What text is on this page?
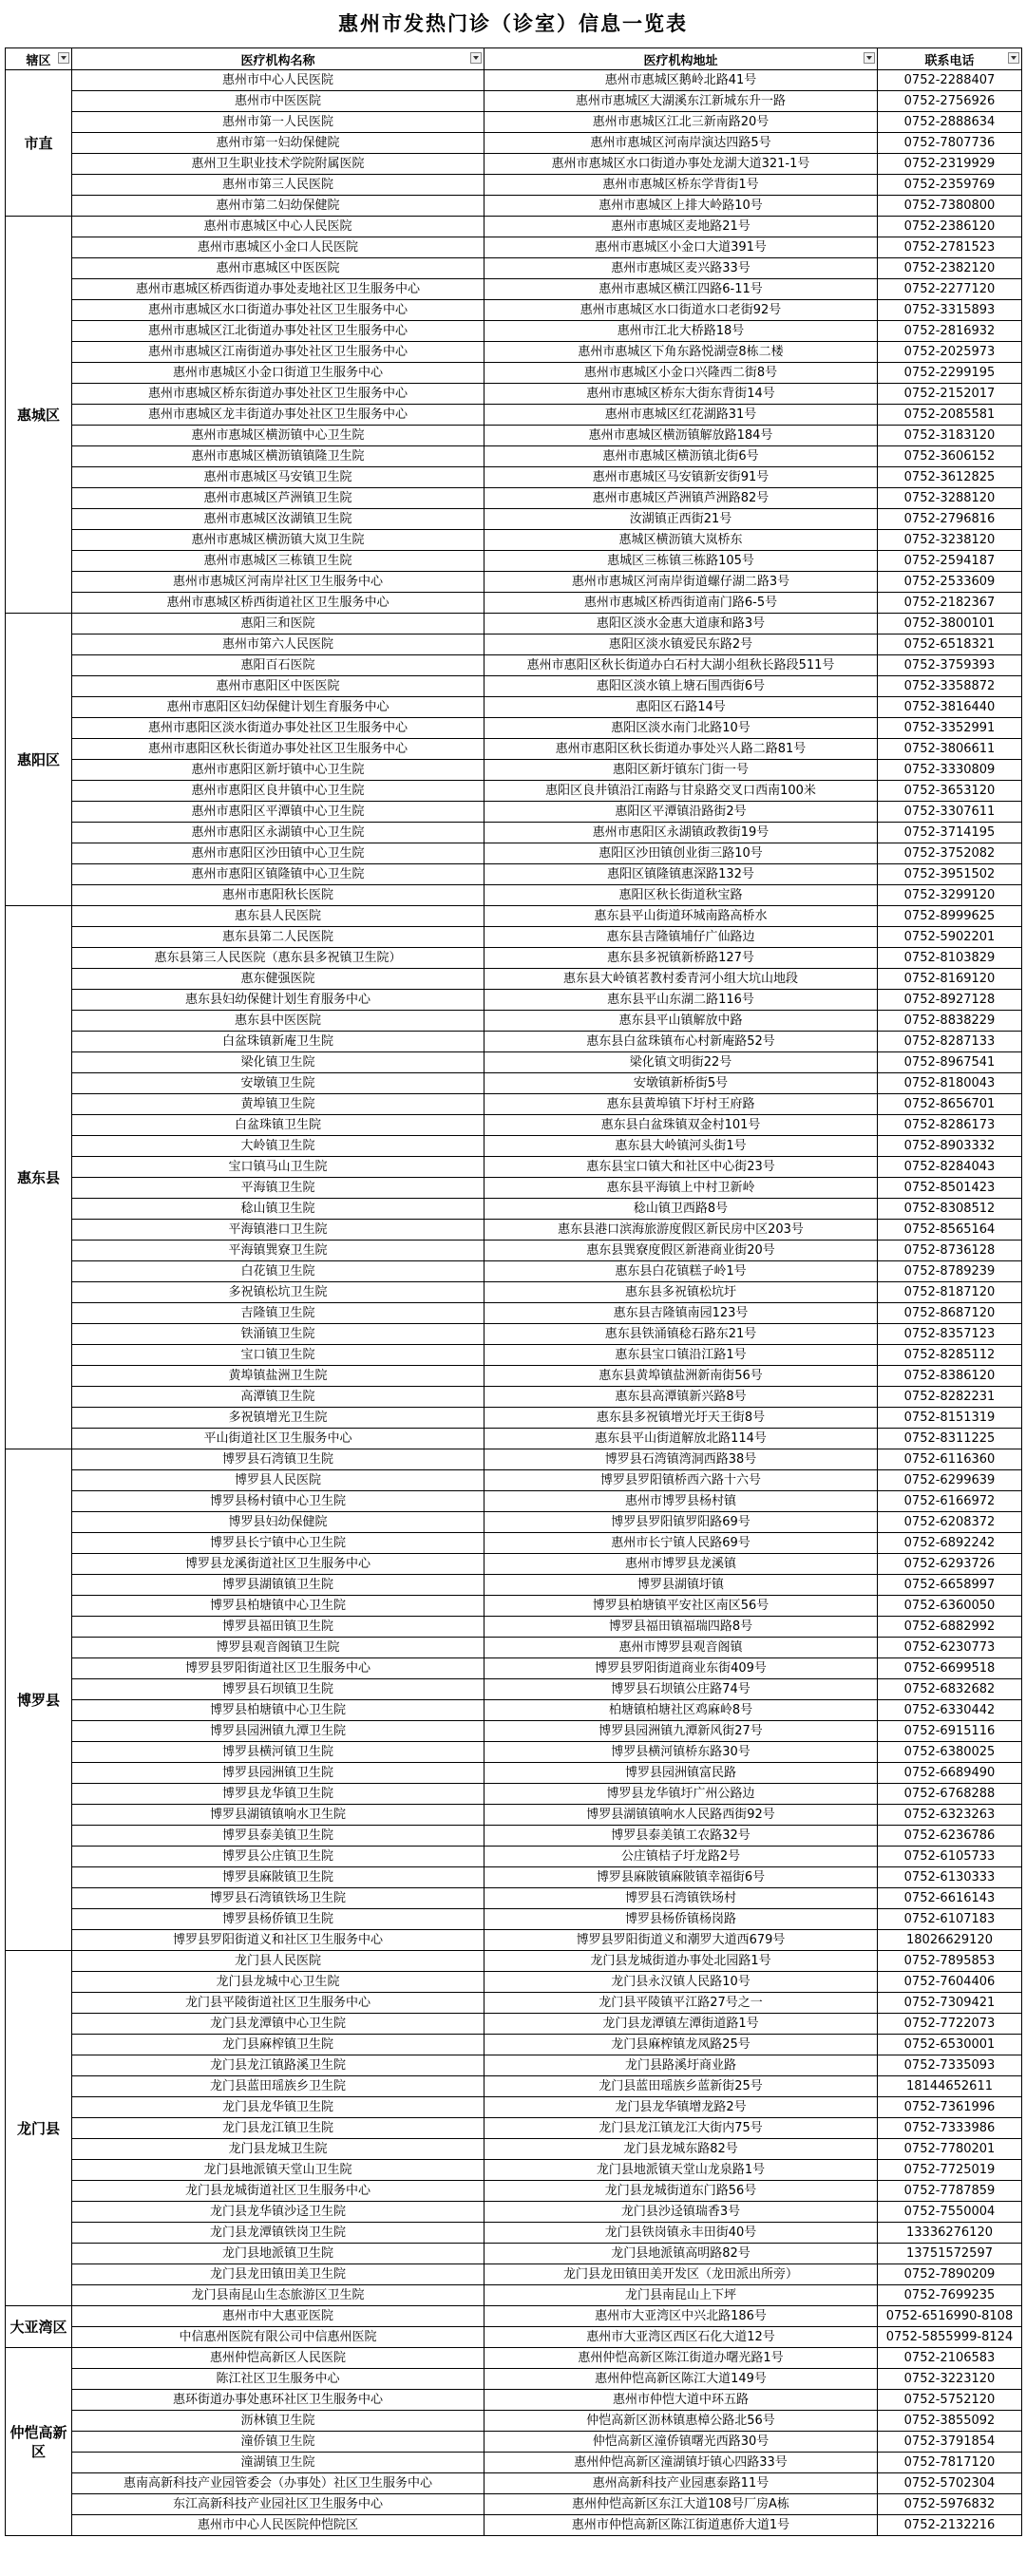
惠州市发热门诊（诊室）信息一览表
辖区	医疗机构名称	医疗机构地址	联系电话

市直	惠州市中心人民医院	惠州市惠城区鹅岭北路41号	0752-2288407
	惠州市中医医院	惠州市惠城区大湖溪东江新城东升一路	0752-2756926
	惠州市第一人民医院	惠州市惠城区江北三新南路20号	0752-2888634
	惠州市第一妇幼保健院	惠州市惠城区河南岸演达四路5号	0752-7807736
	惠州卫生职业技术学院附属医院	惠州市惠城区水口街道办事处龙湖大道321-1号	0752-2319929
	惠州市第三人民医院	惠州市惠城区桥东学背街1号	0752-2359769
	惠州市第二妇幼保健院	惠州市惠城区上排大岭路10号	0752-7380800
惠城区	惠州市惠城区中心人民医院	惠州市惠城区麦地路21号	0752-2386120
	惠州市惠城区小金口人民医院	惠州市惠城区小金口大道391号	0752-2781523
	惠州市惠城区中医医院	惠州市惠城区麦兴路33号	0752-2382120
	惠州市惠城区桥西街道办事处麦地社区卫生服务中心	惠州市惠城区横江四路6-11号	0752-2277120
	惠州市惠城区水口街道办事处社区卫生服务中心	惠州市惠城区水口街道水口老街92号	0752-3315893
	惠州市惠城区江北街道办事处社区卫生服务中心	惠州市江北大桥路18号	0752-2816932
	惠州市惠城区江南街道办事处社区卫生服务中心	惠州市惠城区下角东路悦湖壹8栋二楼	0752-2025973
	惠州市惠城区小金口街道卫生服务中心	惠州市惠城区小金口兴隆西二街8号	0752-2299195
	惠州市惠城区桥东街道办事处社区卫生服务中心	惠州市惠城区桥东大街东背街14号	0752-2152017
	惠州市惠城区龙丰街道办事处社区卫生服务中心	惠州市惠城区红花湖路31号	0752-2085581
	惠州市惠城区横沥镇中心卫生院	惠州市惠城区横沥镇解放路184号	0752-3183120
	惠州市惠城区横沥镇镇隆卫生院	惠州市惠城区横沥镇北街6号	0752-3606152
	惠州市惠城区马安镇卫生院	惠州市惠城区马安镇新安街91号	0752-3612825
	惠州市惠城区芦洲镇卫生院	惠州市惠城区芦洲镇芦洲路82号	0752-3288120
	惠州市惠城区汝湖镇卫生院	汝湖镇正西街21号	0752-2796816
	惠州市惠城区横沥镇大岚卫生院	惠城区横沥镇大岚桥东	0752-3238120
	惠州市惠城区三栋镇卫生院	惠城区三栋镇三栋路105号	0752-2594187
	惠州市惠城区河南岸社区卫生服务中心	惠州市惠城区河南岸街道螺仔湖二路3号	0752-2533609
	惠州市惠城区桥西街道社区卫生服务中心	惠州市惠城区桥西街道南门路6-5号	0752-2182367
惠阳区	惠阳三和医院	惠阳区淡水金惠大道康和路3号	0752-3800101
	惠州市第六人民医院	惠阳区淡水镇爱民东路2号	0752-6518321
	惠阳百石医院	惠州市惠阳区秋长街道办白石村大湖小组秋长路段511号	0752-3759393
	惠州市惠阳区中医医院	惠阳区淡水镇上塘石围西街6号	0752-3358872
	惠州市惠阳区妇幼保健计划生育服务中心	惠阳区石路14号	0752-3816440
	惠州市惠阳区淡水街道办事处社区卫生服务中心	惠阳区淡水南门北路10号	0752-3352991
	惠州市惠阳区秋长街道办事处社区卫生服务中心	惠州市惠阳区秋长街道办事处兴人路二路81号	0752-3806611
	惠州市惠阳区新圩镇中心卫生院	惠阳区新圩镇东门街一号	0752-3330809
	惠州市惠阳区良井镇中心卫生院	惠阳区良井镇沿江南路与甘泉路交叉口西南100米	0752-3653120
	惠州市惠阳区平潭镇中心卫生院	惠阳区平潭镇沿路街2号	0752-3307611
	惠州市惠阳区永湖镇中心卫生院	惠州市惠阳区永湖镇政教街19号	0752-3714195
	惠州市惠阳区沙田镇中心卫生院	惠阳区沙田镇创业街三路10号	0752-3752082
	惠州市惠阳区镇隆镇中心卫生院	惠阳区镇隆镇惠深路132号	0752-3951502
	惠州市惠阳秋长医院	惠阳区秋长街道秋宝路	0752-3299120
惠东县	惠东县人民医院	惠东县平山街道环城南路高桥水	0752-8999625
	惠东县第二人民医院	惠东县吉隆镇埔仔广仙路边	0752-5902201
	惠东县第三人民医院（惠东县多祝镇卫生院）	惠东县多祝镇新桥路127号	0752-8103829
	惠东健强医院	惠东县大岭镇茗教村委青河小组大坑山地段	0752-8169120
	惠东县妇幼保健计划生育服务中心	惠东县平山东湖二路116号	0752-8927128
	惠东县中医医院	惠东县平山镇解放中路	0752-8838229
	白盆珠镇新庵卫生院	惠东县白盆珠镇布心村新庵路52号	0752-8287133
	梁化镇卫生院	梁化镇文明街22号	0752-8967541
	安墩镇卫生院	安墩镇新桥街5号	0752-8180043
	黄埠镇卫生院	惠东县黄埠镇下圩村王府路	0752-8656701
	白盆珠镇卫生院	惠东县白盆珠镇双金村101号	0752-8286173
	大岭镇卫生院	惠东县大岭镇河头街1号	0752-8903332
	宝口镇马山卫生院	惠东县宝口镇大和社区中心街23号	0752-8284043
	平海镇卫生院	惠东县平海镇上中村卫新岭	0752-8501423
	稔山镇卫生院	稔山镇卫西路8号	0752-8308512
	平海镇港口卫生院	惠东县港口滨海旅游度假区新民房中区203号	0752-8565164
	平海镇巽寮卫生院	惠东县巽寮度假区新港商业街20号	0752-8736128
	白花镇卫生院	惠东县白花镇糕子岭1号	0752-8789239
	多祝镇松坑卫生院	惠东县多祝镇松坑圩	0752-8187120
	吉隆镇卫生院	惠东县吉隆镇南园123号	0752-8687120
	铁涌镇卫生院	惠东县铁涌镇稔石路东21号	0752-8357123
	宝口镇卫生院	惠东县宝口镇沿江路1号	0752-8285112
	黄埠镇盐洲卫生院	惠东县黄埠镇盐洲新南街56号	0752-8386120
	高潭镇卫生院	惠东县高潭镇新兴路8号	0752-8282231
	多祝镇增光卫生院	惠东县多祝镇增光圩天王街8号	0752-8151319
	平山街道社区卫生服务中心	惠东县平山街道解放北路114号	0752-8311225
博罗县	博罗县石湾镇卫生院	博罗县石湾镇湾洞西路38号	0752-6116360
	博罗县人民医院	博罗县罗阳镇桥西六路十六号	0752-6299639
	博罗县杨村镇中心卫生院	惠州市博罗县杨村镇	0752-6166972
	博罗县妇幼保健院	博罗县罗阳镇罗阳路69号	0752-6208372
	博罗县长宁镇中心卫生院	惠州市长宁镇人民路69号	0752-6892242
	博罗县龙溪街道社区卫生服务中心	惠州市博罗县龙溪镇	0752-6293726
	博罗县湖镇镇卫生院	博罗县湖镇圩镇	0752-6658997
	博罗县柏塘镇中心卫生院	博罗县柏塘镇平安社区南区56号	0752-6360050
	博罗县福田镇卫生院	博罗县福田镇福瑞四路8号	0752-6882992
	博罗县观音阁镇卫生院	惠州市博罗县观音阁镇	0752-6230773
	博罗县罗阳街道社区卫生服务中心	博罗县罗阳街道商业东街409号	0752-6699518
	博罗县石坝镇卫生院	博罗县石坝镇公庄路74号	0752-6832682
	博罗县柏塘镇中心卫生院	柏塘镇柏塘社区鸡麻岭8号	0752-6330442
	博罗县园洲镇九潭卫生院	博罗县园洲镇九潭新风街27号	0752-6915116
	博罗县横河镇卫生院	博罗县横河镇桥东路30号	0752-6380025
	博罗县园洲镇卫生院	博罗县园洲镇富民路	0752-6689490
	博罗县龙华镇卫生院	博罗县龙华镇圩广州公路边	0752-6768288
	博罗县湖镇镇响水卫生院	博罗县湖镇镇响水人民路西街92号	0752-6323263
	博罗县泰美镇卫生院	博罗县泰美镇工农路32号	0752-6236786
	博罗县公庄镇卫生院	公庄镇桔子圩龙路2号	0752-6105733
	博罗县麻陂镇卫生院	博罗县麻陂镇麻陂镇幸福街6号	0752-6130333
	博罗县石湾镇铁场卫生院	博罗县石湾镇铁场村	0752-6616143
	博罗县杨侨镇卫生院	博罗县杨侨镇杨岗路	0752-6107183
	博罗县罗阳街道义和社区卫生服务中心	博罗县罗阳街道义和潮罗大道西679号	18026629120
龙门县	龙门县人民医院	龙门县龙城街道办事处北园路1号	0752-7895853
	龙门县龙城中心卫生院	龙门县永汉镇人民路10号	0752-7604406
	龙门县平陵街道社区卫生服务中心	龙门县平陵镇平江路27号之一	0752-7309421
	龙门县龙潭镇中心卫生院	龙门县龙潭镇左潭街道路1号	0752-7722073
	龙门县麻榨镇卫生院	龙门县麻榨镇龙凤路25号	0752-6530001
	龙门县龙江镇路溪卫生院	龙门县路溪圩商业路	0752-7335093
	龙门县蓝田瑶族乡卫生院	龙门县蓝田瑶族乡蓝新街25号	18144652611
	龙门县龙华镇卫生院	龙门县龙华镇增龙路2号	0752-7361996
	龙门县龙江镇卫生院	龙门县龙江镇龙江大街内75号	0752-7333986
	龙门县龙城卫生院	龙门县龙城东路82号	0752-7780201
	龙门县地派镇天堂山卫生院	龙门县地派镇天堂山龙泉路1号	0752-7725019
	龙门县龙城街道社区卫生服务中心	龙门县龙城街道东门路56号	0752-7787859
	龙门县龙华镇沙迳卫生院	龙门县沙迳镇瑞香3号	0752-7550004
	龙门县龙潭镇铁岗卫生院	龙门县铁岗镇永丰田街40号	13336276120
	龙门县地派镇卫生院	龙门县地派镇高明路82号	13751572597
	龙门县龙田镇田美卫生院	龙门县龙田镇田美开发区（龙田派出所旁）	0752-7890209
	龙门县南昆山生态旅游区卫生院	龙门县南昆山上下坪	0752-7699235
大亚湾区	惠州市中大惠亚医院	惠州市大亚湾区中兴北路186号	0752-6516990-8108
	中信惠州医院有限公司中信惠州医院	惠州市大亚湾区西区石化大道12号	0752-5855999-8124
仲恺高新区	惠州仲恺高新区人民医院	惠州仲恺高新区陈江街道办曙光路1号	0752-2106583
	陈江社区卫生服务中心	惠州仲恺高新区陈江大道149号	0752-3223120
	惠环街道办事处惠环社区卫生服务中心	惠州市仲恺大道中环五路	0752-5752120
	沥林镇卫生院	仲恺高新区沥林镇惠樟公路北56号	0752-3855092
	潼侨镇卫生院	仲恺高新区潼侨镇曙光西路30号	0752-3791854
	潼湖镇卫生院	惠州仲恺高新区潼湖镇圩镇心四路33号	0752-7817120
	惠南高新科技产业园管委会（办事处）社区卫生服务中心	惠州高新科技产业园惠泰路11号	0752-5702304
	东江高新科技产业园社区卫生服务中心	惠州仲恺高新区东江大道108号厂房A栋	0752-5976832
	惠州市中心人民医院仲恺院区	惠州市仲恺高新区陈江街道惠侨大道1号	0752-2132216
